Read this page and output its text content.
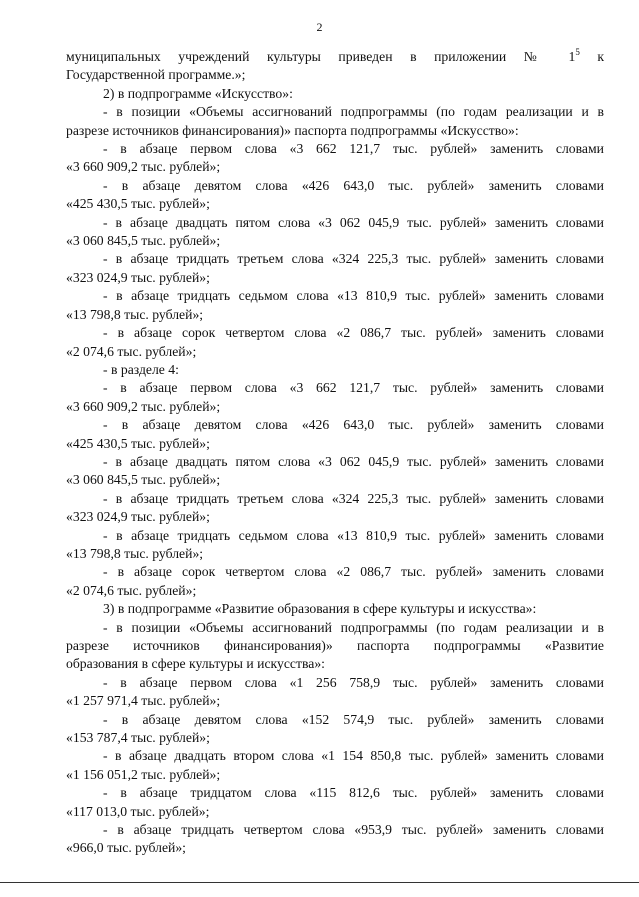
2
муниципальных учреждений культуры приведен в приложении № $1^5$ к
Государственной программе.»;
2) в подпрограмме «Искусство»:
- в позиции «Объемы ассигнований подпрограммы (по годам реализации и в
разрезе источников финансирования)» паспорта подпрограммы «Искусство»:
- в абзаце первом слова «3 662 121,7 тыс. рублей» заменить словами
«3 660 909,2 тыс. рублей»;
- в абзаце девятом слова «426 643,0 тыс. рублей» заменить словами
«425 430,5 тыс. рублей»;
- в абзаце двадцать пятом слова «3 062 045,9 тыс. рублей» заменить словами
«3 060 845,5 тыс. рублей»;
- в абзаце тридцать третьем слова «324 225,3 тыс. рублей» заменить словами
«323 024,9 тыс. рублей»;
- в абзаце тридцать седьмом слова «13 810,9 тыс. рублей» заменить словами
«13 798,8 тыс. рублей»;
- в абзаце сорок четвертом слова «2 086,7 тыс. рублей» заменить словами
«2 074,6 тыс. рублей»;
- в разделе 4:
- в абзаце первом слова «3 662 121,7 тыс. рублей» заменить словами
«3 660 909,2 тыс. рублей»;
- в абзаце девятом слова «426 643,0 тыс. рублей» заменить словами
«425 430,5 тыс. рублей»;
- в абзаце двадцать пятом слова «3 062 045,9 тыс. рублей» заменить словами
«3 060 845,5 тыс. рублей»;
- в абзаце тридцать третьем слова «324 225,3 тыс. рублей» заменить словами
«323 024,9 тыс. рублей»;
- в абзаце тридцать седьмом слова «13 810,9 тыс. рублей» заменить словами
«13 798,8 тыс. рублей»;
- в абзаце сорок четвертом слова «2 086,7 тыс. рублей» заменить словами
«2 074,6 тыс. рублей»;
3) в подпрограмме «Развитие образования в сфере культуры и искусства»:
- в позиции «Объемы ассигнований подпрограммы (по годам реализации и в
разрезе источников финансирования)» паспорта подпрограммы «Развитие
образования в сфере культуры и искусства»:
- в абзаце первом слова «1 256 758,9 тыс. рублей» заменить словами
«1 257 971,4 тыс. рублей»;
- в абзаце девятом слова «152 574,9 тыс. рублей» заменить словами
«153 787,4 тыс. рублей»;
- в абзаце двадцать втором слова «1 154 850,8 тыс. рублей» заменить словами
«1 156 051,2 тыс. рублей»;
- в абзаце тридцатом слова «115 812,6 тыс. рублей» заменить словами
«117 013,0 тыс. рублей»;
- в абзаце тридцать четвертом слова «953,9 тыс. рублей» заменить словами
«966,0 тыс. рублей»;
